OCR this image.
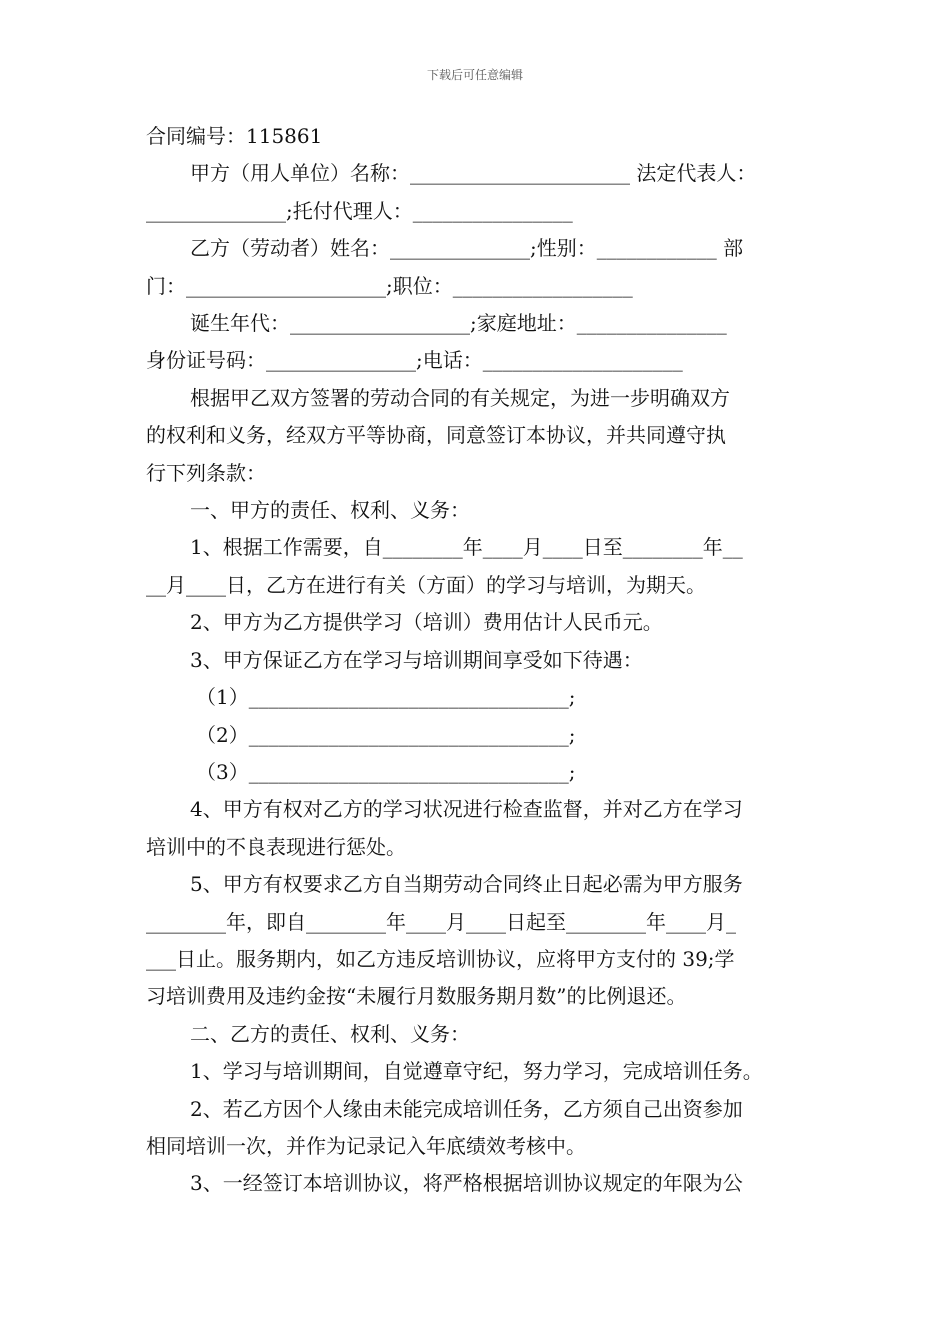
下载后可任意编辑
合同编号：115861
甲方（用人单位）名称：______________________ 法定代表人：
______________;托付代理人：________________
乙方（劳动者）姓名：______________;性别：____________ 部
门：____________________;职位：__________________
诞生年代：__________________;家庭地址：_______________
身份证号码：_______________;电话：____________________
根据甲乙双方签署的劳动合同的有关规定，为进一步明确双方
的权利和义务，经双方平等协商，同意签订本协议，并共同遵守执
行下列条款：
一、甲方的责任、权利、义务：
1、根据工作需要，自________年____月____日至________年__
__月____日，乙方在进行有关（方面）的学习与培训，为期天。
2、甲方为乙方提供学习（培训）费用估计人民币元。
3、甲方保证乙方在学习与培训期间享受如下待遇：
（1）________________________________;
（2）________________________________;
（3）________________________________;
4、甲方有权对乙方的学习状况进行检查监督，并对乙方在学习
培训中的不良表现进行惩处。
5、甲方有权要求乙方自当期劳动合同终止日起必需为甲方服务
________年，即自________年____月____日起至________年____月_
___日止。服务期内，如乙方违反培训协议，应将甲方支付的 39;学
习培训费用及违约金按“未履行月数服务期月数”的比例退还。
二、乙方的责任、权利、义务：
1、学习与培训期间，自觉遵章守纪，努力学习，完成培训任务。
2、若乙方因个人缘由未能完成培训任务，乙方须自己出资参加
相同培训一次，并作为记录记入年底绩效考核中。
3、一经签订本培训协议，将严格根据培训协议规定的年限为公
